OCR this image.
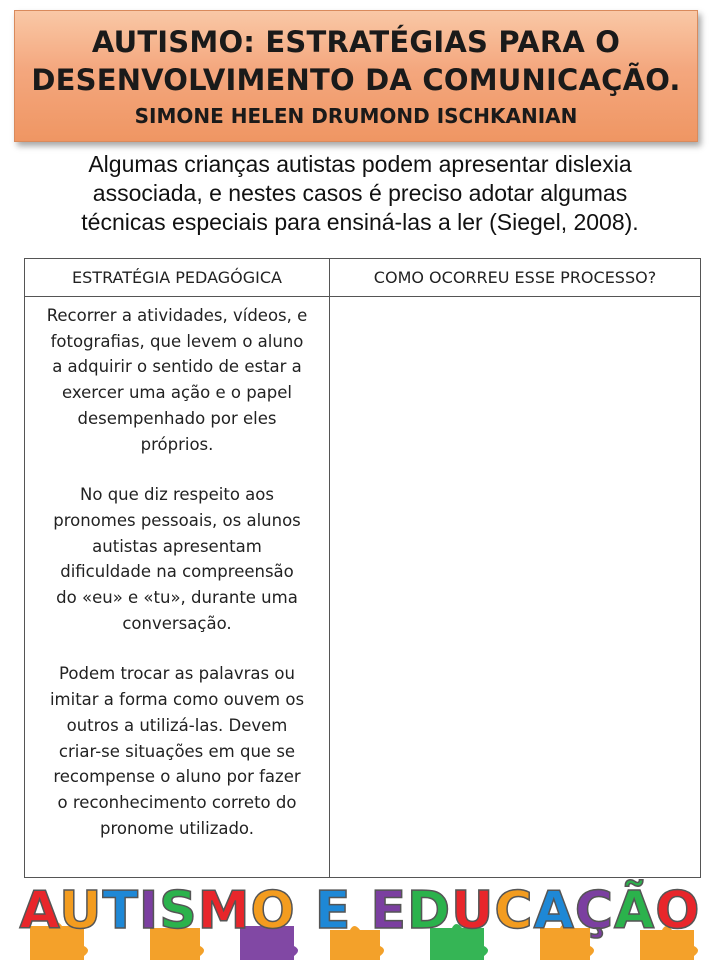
AUTISMO: ESTRATÉGIAS PARA O
DESENVOLVIMENTO DA COMUNICAÇÃO.
SIMONE HELEN DRUMOND ISCHKANIAN
Algumas crianças autistas podem apresentar dislexia
associada, e nestes casos é preciso adotar algumas
técnicas especiais para ensiná-las a ler (Siegel, 2008).
ESTRATÉGIA PEDAGÓGICA	COMO OCORREU ESSE PROCESSO?

Recorrer a atividades, vídeos, e
fotografias, que levem o aluno
a adquirir o sentido de estar a
exercer uma ação e o papel
desempenhado por eles
próprios.

No que diz respeito aos
pronomes pessoais, os alunos
autistas apresentam
dificuldade na compreensão
do «eu» e «tu», durante uma
conversação.

Podem trocar as palavras ou
imitar a forma como ouvem os
outros a utilizá-las. Devem
criar-se situações em que se
recompense o aluno por fazer
o reconhecimento correto do
pronome utilizado.

AUTISMO E EDUCAÇÃO
